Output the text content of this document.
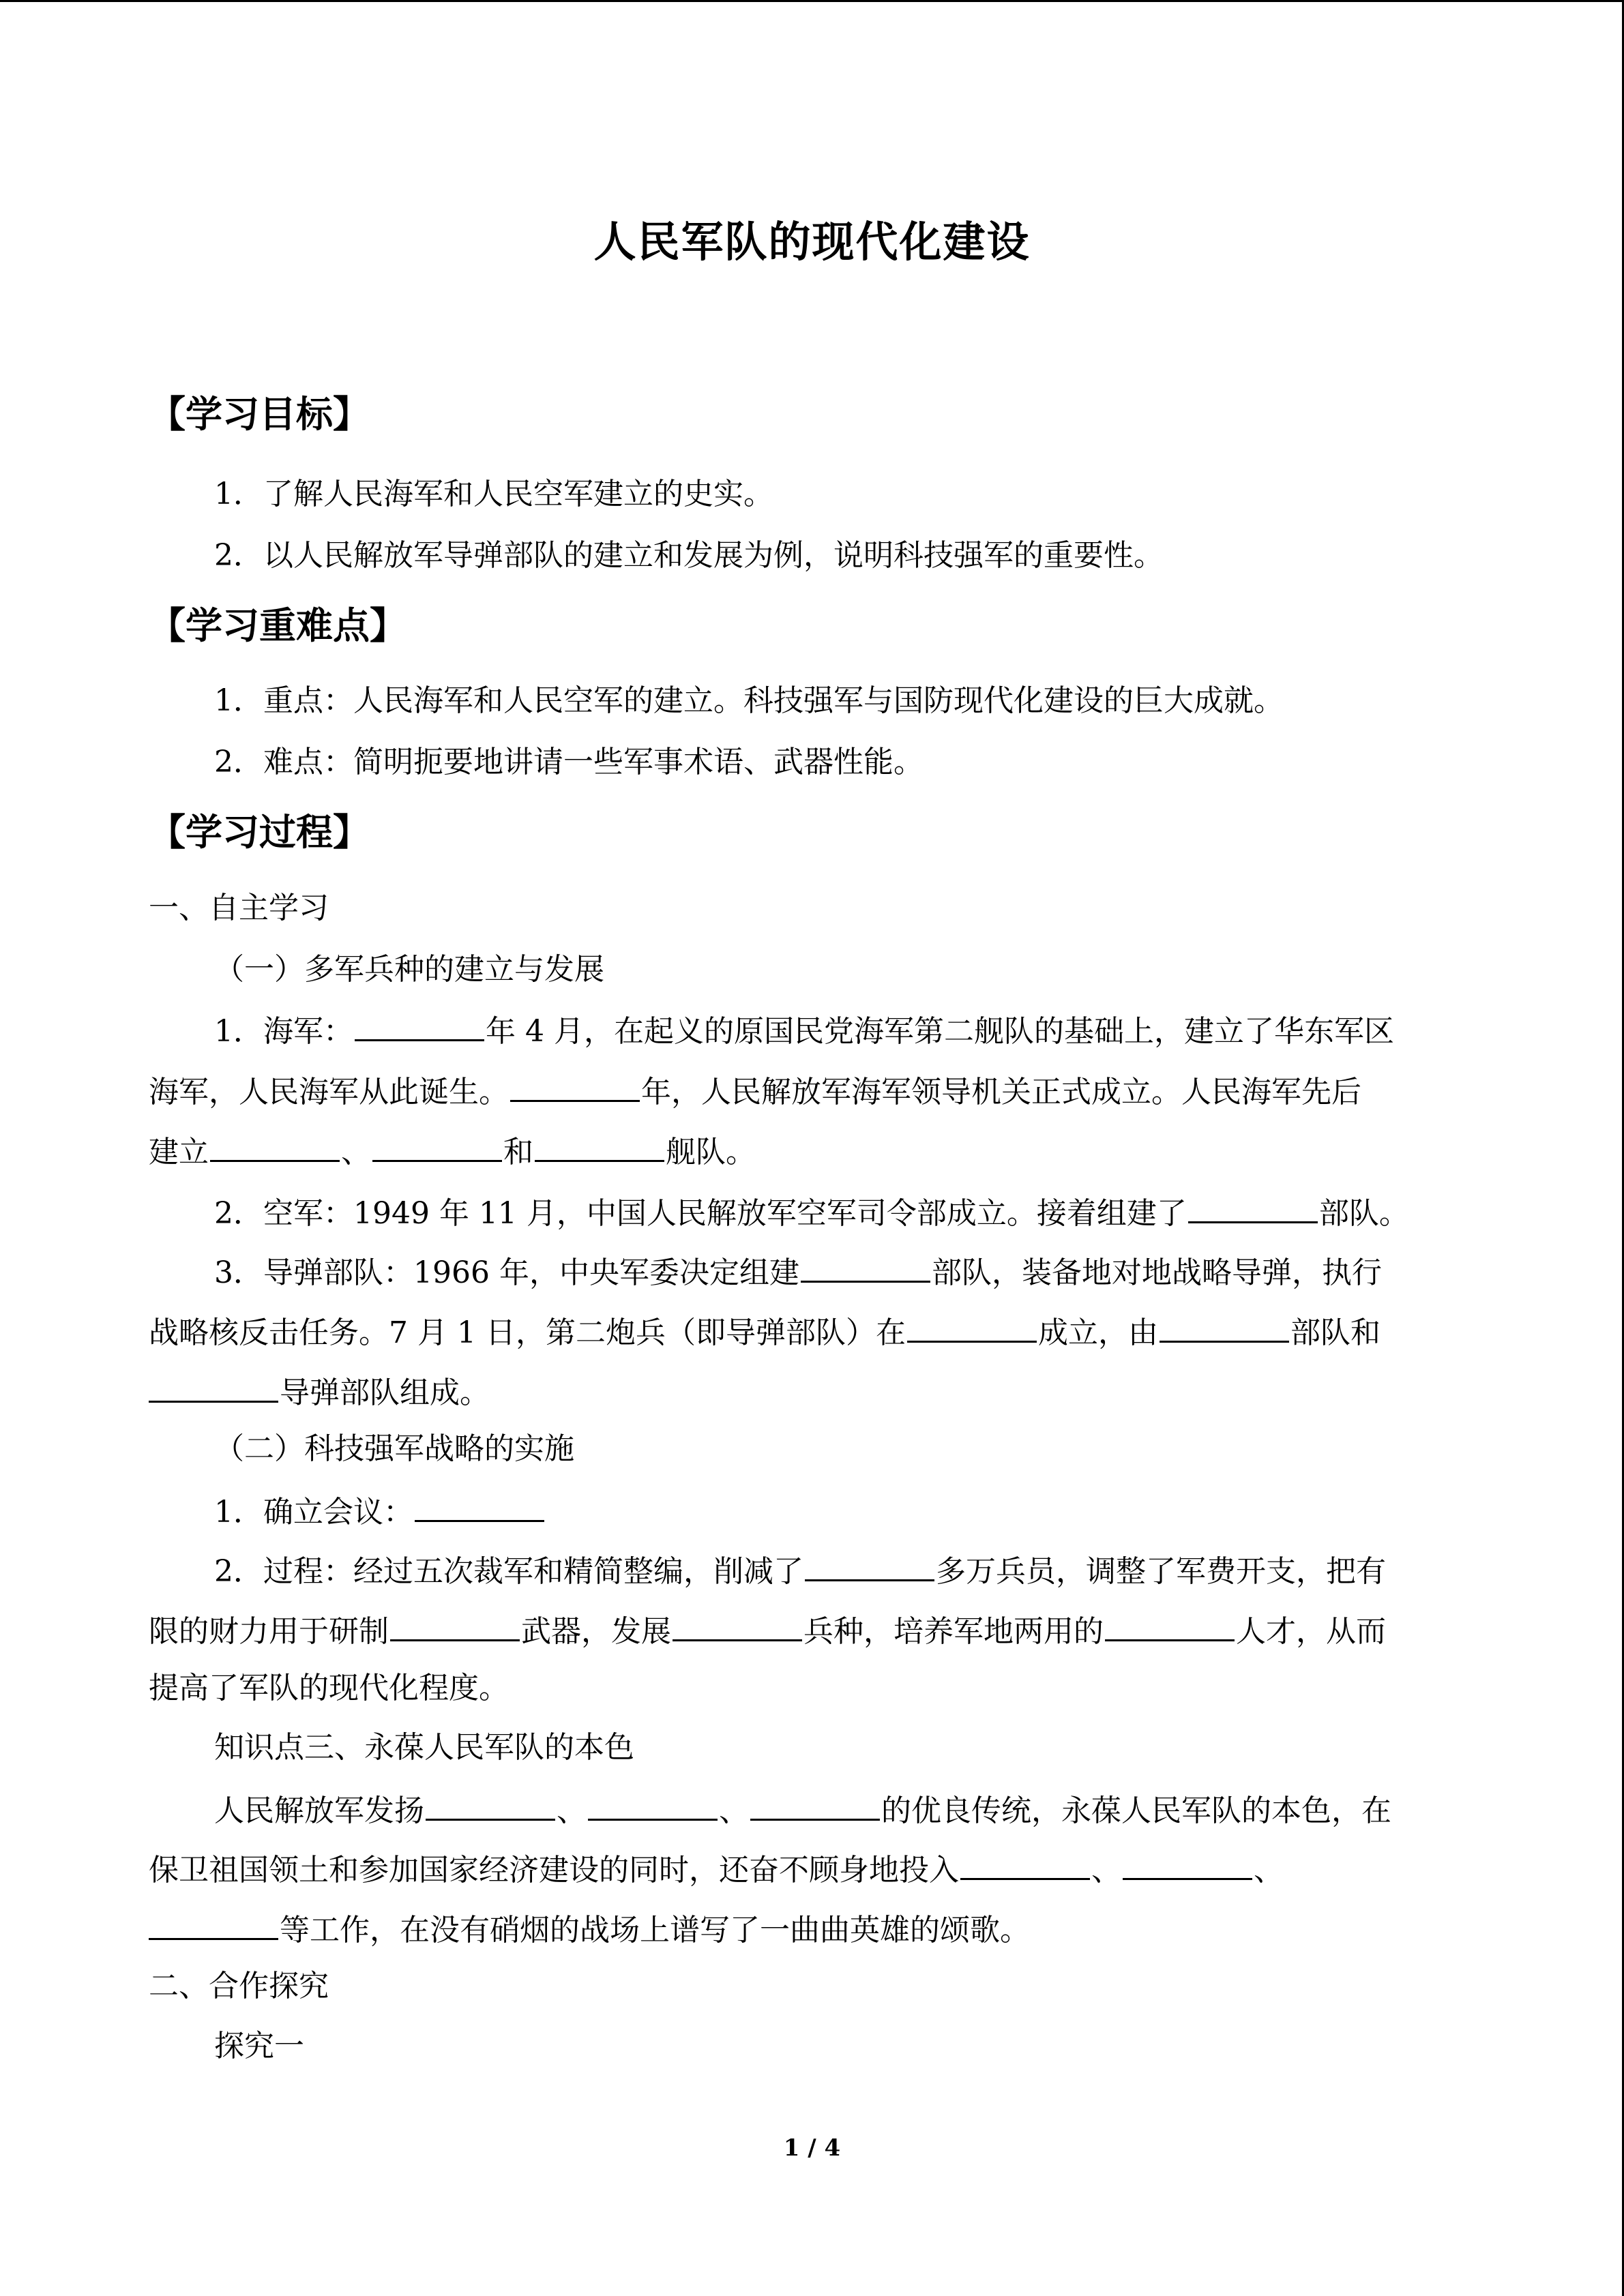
人民军队的现代化建设
【学习目标】
1．了解人民海军和人民空军建立的史实。
2．以人民解放军导弹部队的建立和发展为例，说明科技强军的重要性。
【学习重难点】
1．重点：人民海军和人民空军的建立。科技强军与国防现代化建设的巨大成就。
2．难点：简明扼要地讲请一些军事术语、武器性能。
【学习过程】
一、自主学习
（一）多军兵种的建立与发展
1．海军：	年 4 月，在起义的原国民党海军第二舰队的基础上，建立了华东军区
海军，人民海军从此诞生。	年，人民解放军海军领导机关正式成立。人民海军先后
建立	、	和	舰队。
2．空军：1949 年 11 月，中国人民解放军空军司令部成立。接着组建了	部队。
3．导弹部队：1966 年，中央军委决定组建	部队，装备地对地战略导弹，执行
战略核反击任务。7 月 1 日，第二炮兵（即导弹部队）在	成立，由	部队和
导弹部队组成。
（二）科技强军战略的实施
1．确立会议：
2．过程：经过五次裁军和精简整编，削减了	多万兵员，调整了军费开支，把有
限的财力用于研制	武器，发展	兵种，培养军地两用的	人才，从而
提高了军队的现代化程度。
知识点三、永葆人民军队的本色
人民解放军发扬	、	、	的优良传统，永葆人民军队的本色，在
保卫祖国领土和参加国家经济建设的同时，还奋不顾身地投入	、	、
等工作，在没有硝烟的战场上谱写了一曲曲英雄的颂歌。
二、合作探究
探究一
1 / 4
